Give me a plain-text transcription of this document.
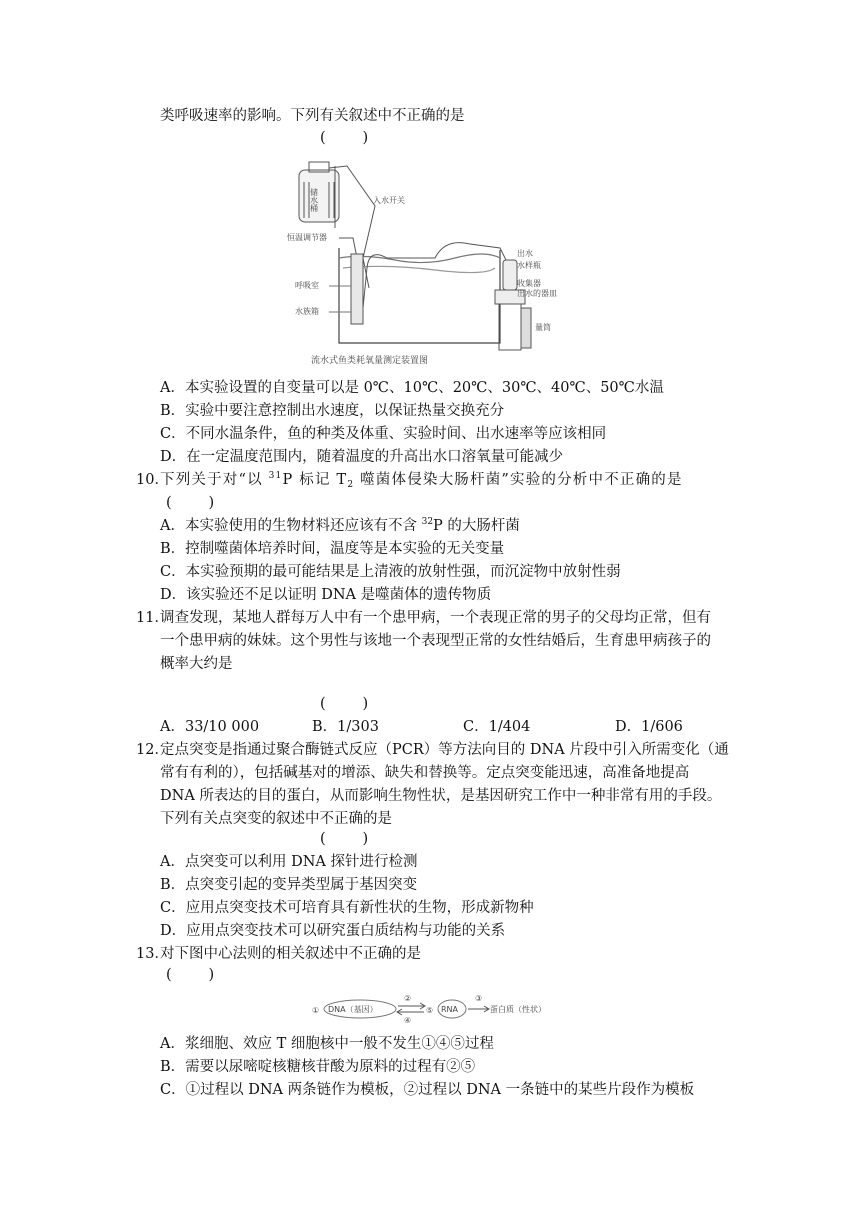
类呼吸速率的影响。下列有关叙述中不正确的是
(        )
储水桶	入水开关
恒温调节器
呼吸室
水族箱
出水
水样瓶
收集器
出水的器皿
量筒
流水式鱼类耗氧量测定装置图
A．本实验设置的自变量可以是 0℃、10℃、20℃、30℃、40℃、50℃水温
B．实验中要注意控制出水速度，以保证热量交换充分
C．不同水温条件，鱼的种类及体重、实验时间、出水速率等应该相同
D．在一定温度范围内，随着温度的升高出水口溶氧量可能减少
10．
下列关于对“以 $^{31}$P 标记 $T_2$ 噬菌体侵染大肠杆菌”实验的分析中不正确的是
(        )
A．本实验使用的生物材料还应该有不含 $^{32}$P 的大肠杆菌
B．控制噬菌体培养时间，温度等是本实验的无关变量
C．本实验预期的最可能结果是上清液的放射性强，而沉淀物中放射性弱
D．该实验还不足以证明 DNA 是噬菌体的遗传物质
11．
调查发现，某地人群每万人中有一个患甲病，一个表现正常的男子的父母均正常，但有
一个患甲病的妹妹。这个男性与该地一个表现型正常的女性结婚后，生育患甲病孩子的
概率大约是
(        )
A．33/10 000	B．1/303	C．1/404	D．1/606
12．
定点突变是指通过聚合酶链式反应（PCR）等方法向目的 DNA 片段中引入所需变化（通
常有有利的），包括碱基对的增添、缺失和替换等。定点突变能迅速，高准备地提高
DNA 所表达的目的蛋白，从而影响生物性状，是基因研究工作中一种非常有用的手段。
下列有关点突变的叙述中不正确的是
(        )
A．点突变可以利用 DNA 探针进行检测
B．点突变引起的变异类型属于基因突变
C．应用点突变技术可培育具有新性状的生物，形成新物种
D．应用点突变技术可以研究蛋白质结构与功能的关系
13．
对下图中心法则的相关叙述中不正确的是
(        )
① DNA（基因）
②
④
⑤ RNA
③
蛋白质（性状）
A．浆细胞、效应 T 细胞核中一般不发生①④⑤过程
B．需要以尿嘧啶核糖核苷酸为原料的过程有②⑤
C．①过程以 DNA 两条链作为模板，②过程以 DNA 一条链中的某些片段作为模板
